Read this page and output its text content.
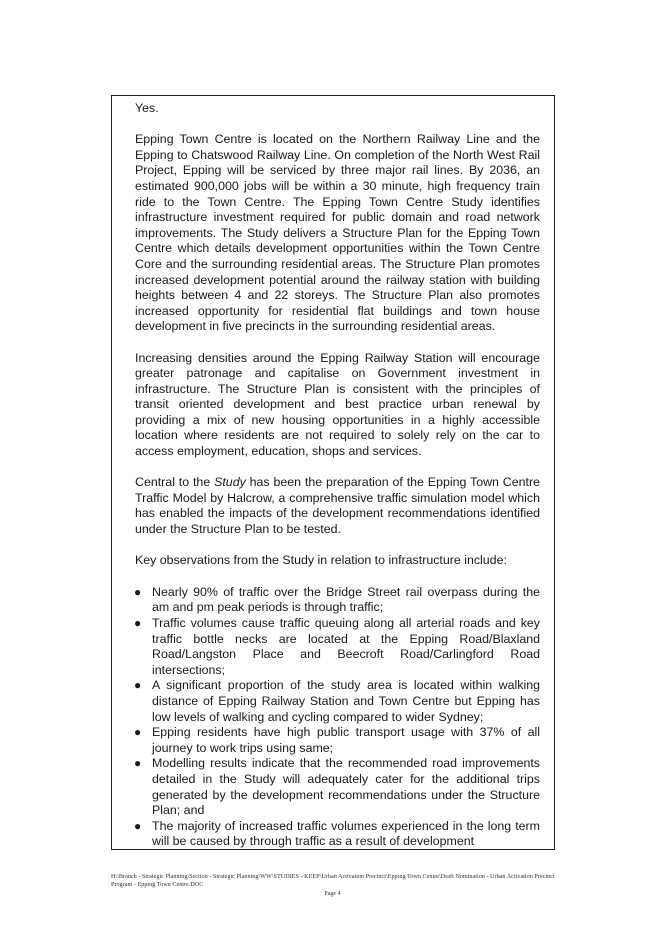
Yes.

Epping Town Centre is located on the Northern Railway Line and the Epping to Chatswood Railway Line. On completion of the North West Rail Project, Epping will be serviced by three major rail lines. By 2036, an estimated 900,000 jobs will be within a 30 minute, high frequency train ride to the Town Centre. The Epping Town Centre Study identifies infrastructure investment required for public domain and road network improvements. The Study delivers a Structure Plan for the Epping Town Centre which details development opportunities within the Town Centre Core and the surrounding residential areas. The Structure Plan promotes increased development potential around the railway station with building heights between 4 and 22 storeys. The Structure Plan also promotes increased opportunity for residential flat buildings and town house development in five precincts in the surrounding residential areas.

Increasing densities around the Epping Railway Station will encourage greater patronage and capitalise on Government investment in infrastructure. The Structure Plan is consistent with the principles of transit oriented development and best practice urban renewal by providing a mix of new housing opportunities in a highly accessible location where residents are not required to solely rely on the car to access employment, education, shops and services.

Central to the Study has been the preparation of the Epping Town Centre Traffic Model by Halcrow, a comprehensive traffic simulation model which has enabled the impacts of the development recommendations identified under the Structure Plan to be tested.

Key observations from the Study in relation to infrastructure include:

● Nearly 90% of traffic over the Bridge Street rail overpass during the am and pm peak periods is through traffic;
● Traffic volumes cause traffic queuing along all arterial roads and key traffic bottle necks are located at the Epping Road/Blaxland Road/Langston Place and Beecroft Road/Carlingford Road intersections;
● A significant proportion of the study area is located within walking distance of Epping Railway Station and Town Centre but Epping has low levels of walking and cycling compared to wider Sydney;
● Epping residents have high public transport usage with 37% of all journey to work trips using same;
● Modelling results indicate that the recommended road improvements detailed in the Study will adequately cater for the additional trips generated by the development recommendations under the Structure Plan; and
● The majority of increased traffic volumes experienced in the long term will be caused by through traffic as a result of development
H:\Branch - Strategic Planning\Section - Strategic Planning\WW\STUDIES - KEEP\Urban Activation Precinct\Epping Town Centre\Draft Nomination - Urban Activation Precinct Program - Epping Town Centre.DOC
Page 4
